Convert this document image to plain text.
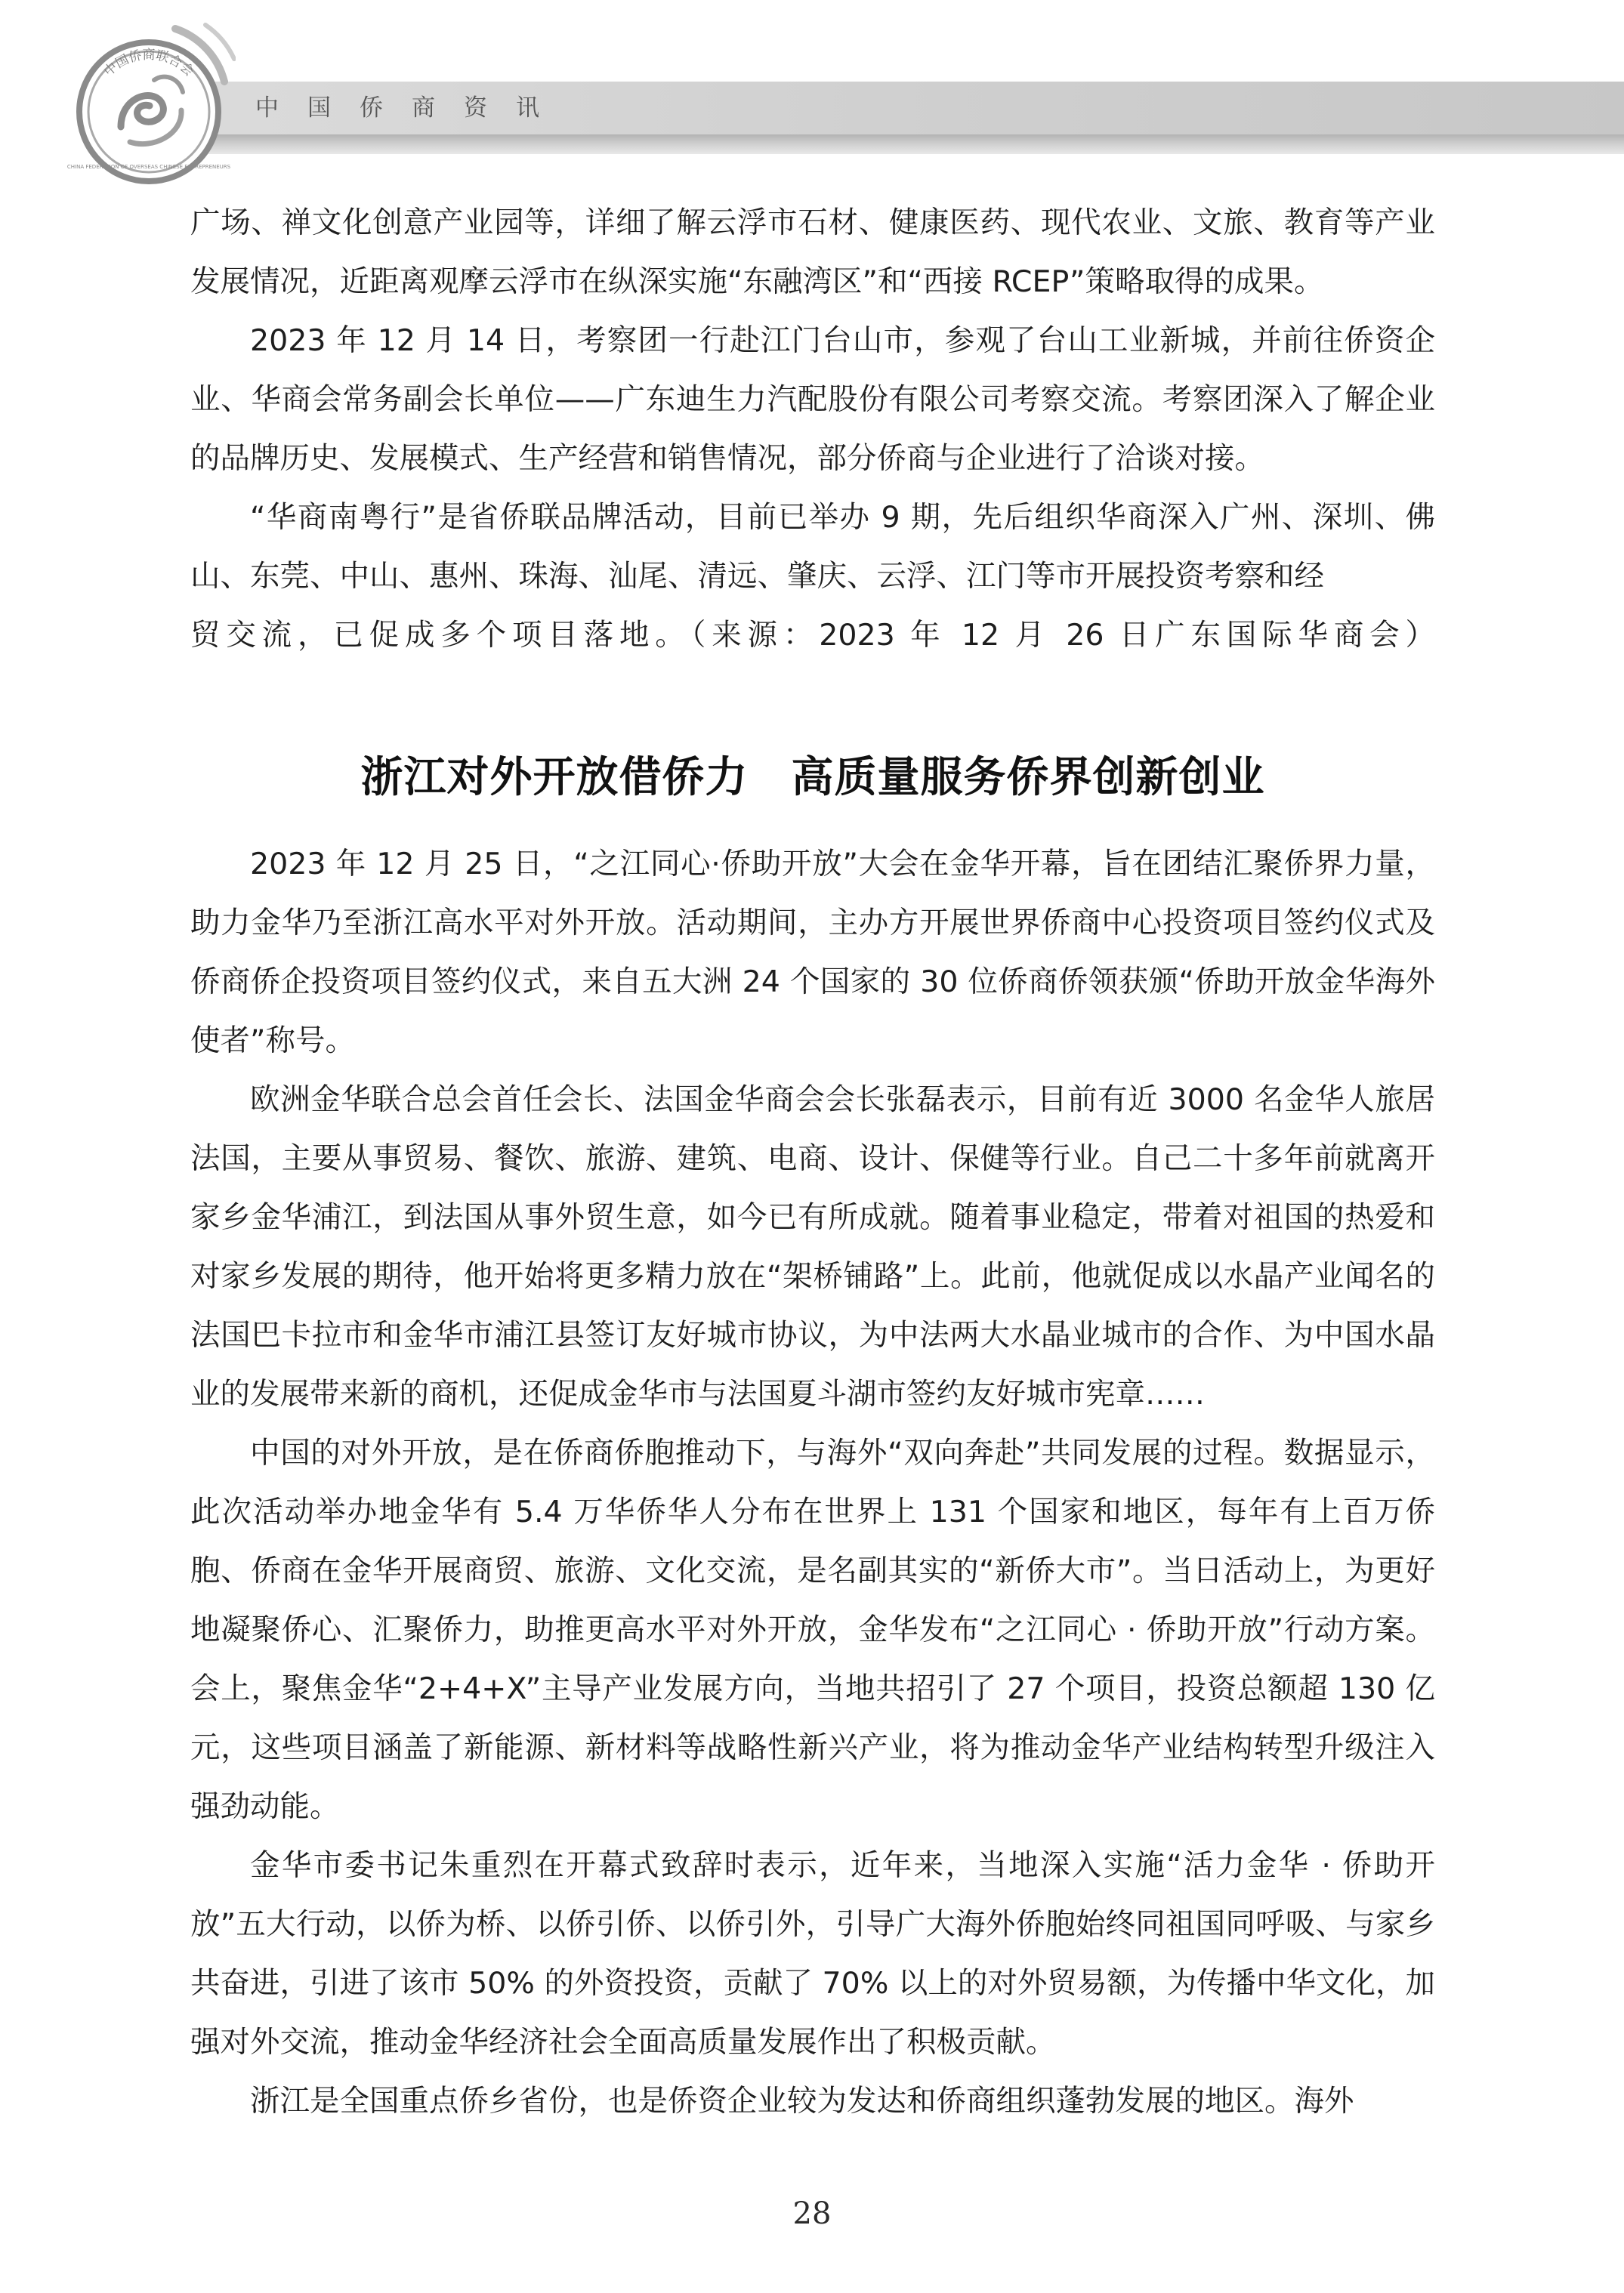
中国侨商资讯
中国侨商联合会
CHINA FEDERATION OF OVERSEAS CHINESE ENTREPRENEURS

广场、禅文化创意产业园等，详细了解云浮市石材、健康医药、现代农业、文旅、教育等产业发展情况，近距离观摩云浮市在纵深实施“东融湾区”和“西接 RCEP”策略取得的成果。

2023 年 12 月 14 日，考察团一行赴江门台山市，参观了台山工业新城，并前往侨资企业、华商会常务副会长单位——广东迪生力汽配股份有限公司考察交流。考察团深入了解企业的品牌历史、发展模式、生产经营和销售情况，部分侨商与企业进行了洽谈对接。

“华商南粤行”是省侨联品牌活动，目前已举办 9 期，先后组织华商深入广州、深圳、佛山、东莞、中山、惠州、珠海、汕尾、清远、肇庆、云浮、江门等市开展投资考察和经

贸交流，已促成多个项目落地。（来源：2023 年 12 月 26 日广东国际华商会）

浙江对外开放借侨力　高质量服务侨界创新创业

2023 年 12 月 25 日，“之江同心·侨助开放”大会在金华开幕，旨在团结汇聚侨界力量，助力金华乃至浙江高水平对外开放。活动期间，主办方开展世界侨商中心投资项目签约仪式及侨商侨企投资项目签约仪式，来自五大洲 24 个国家的 30 位侨商侨领获颁“侨助开放金华海外使者”称号。

欧洲金华联合总会首任会长、法国金华商会会长张磊表示，目前有近 3000 名金华人旅居法国，主要从事贸易、餐饮、旅游、建筑、电商、设计、保健等行业。自己二十多年前就离开家乡金华浦江，到法国从事外贸生意，如今已有所成就。随着事业稳定，带着对祖国的热爱和对家乡发展的期待，他开始将更多精力放在“架桥铺路”上。此前，他就促成以水晶产业闻名的法国巴卡拉市和金华市浦江县签订友好城市协议，为中法两大水晶业城市的合作、为中国水晶业的发展带来新的商机，还促成金华市与法国夏斗湖市签约友好城市宪章……

中国的对外开放，是在侨商侨胞推动下，与海外“双向奔赴”共同发展的过程。数据显示，此次活动举办地金华有 5.4 万华侨华人分布在世界上 131 个国家和地区，每年有上百万侨胞、侨商在金华开展商贸、旅游、文化交流，是名副其实的“新侨大市”。当日活动上，为更好地凝聚侨心、汇聚侨力，助推更高水平对外开放，金华发布“之江同心 · 侨助开放”行动方案。会上，聚焦金华“2+4+X”主导产业发展方向，当地共招引了 27 个项目，投资总额超 130 亿元，这些项目涵盖了新能源、新材料等战略性新兴产业，将为推动金华产业结构转型升级注入强劲动能。

金华市委书记朱重烈在开幕式致辞时表示，近年来，当地深入实施“活力金华 · 侨助开放”五大行动，以侨为桥、以侨引侨、以侨引外，引导广大海外侨胞始终同祖国同呼吸、与家乡共奋进，引进了该市 50% 的外资投资，贡献了 70% 以上的对外贸易额，为传播中华文化，加强对外交流，推动金华经济社会全面高质量发展作出了积极贡献。

浙江是全国重点侨乡省份，也是侨资企业较为发达和侨商组织蓬勃发展的地区。海外

28
